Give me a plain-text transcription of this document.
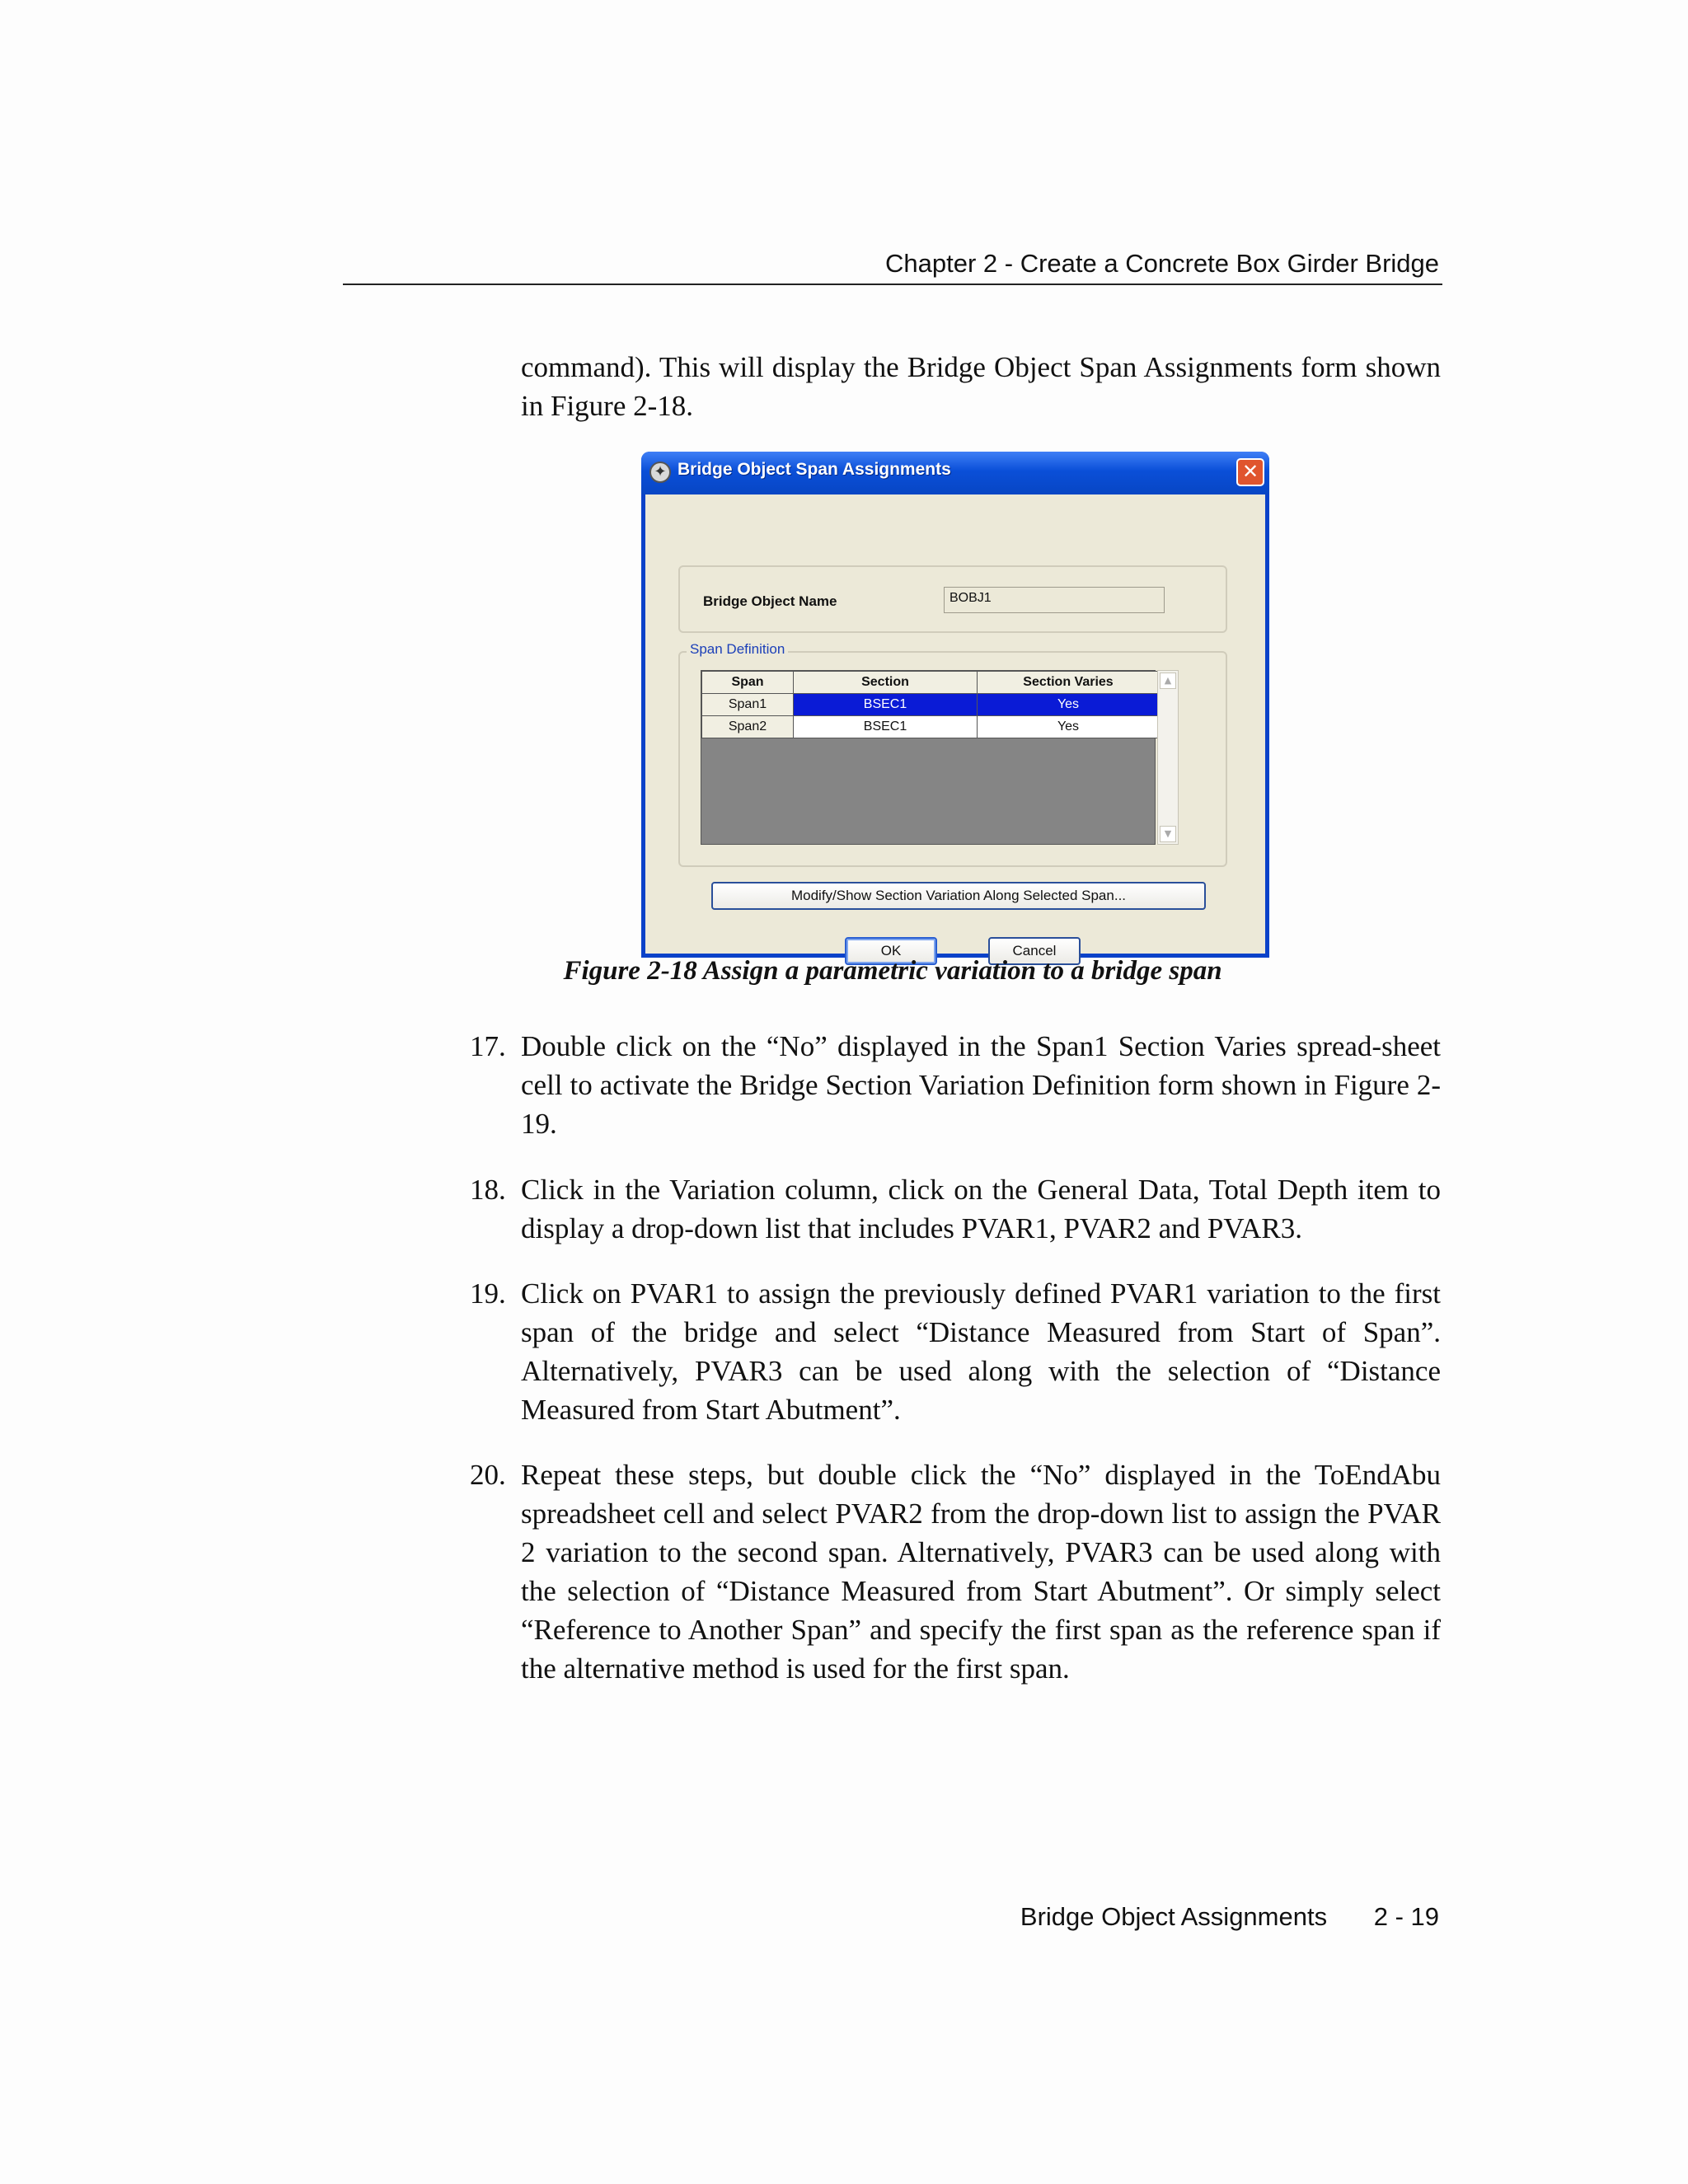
Chapter 2 - Create a Concrete Box Girder Bridge
command). This will display the Bridge Object Span Assignments form shown in Figure 2-18.
✦ Bridge Object Span Assignments	✕
Bridge Object Name	BOBJ1
Span Definition
Span	Section	Section Varies
Span1	BSEC1	Yes
Span2	BSEC1	Yes
▲
▼
Modify/Show Section Variation Along Selected Span...
OK	Cancel
Figure 2-18 Assign a parametric variation to a bridge span
17. Double click on the “No” displayed in the Span1 Section Varies spread-sheet cell to activate the Bridge Section Variation Definition form shown in Figure 2-19.
18. Click in the Variation column, click on the General Data, Total Depth item to display a drop-down list that includes PVAR1, PVAR2 and PVAR3.
19. Click on PVAR1 to assign the previously defined PVAR1 variation to the first span of the bridge and select “Distance Measured from Start of Span”. Alternatively, PVAR3 can be used along with the selection of “Distance Measured from Start Abutment”.
20. Repeat these steps, but double click the “No” displayed in the ToEndAbu spreadsheet cell and select PVAR2 from the drop-down list to assign the PVAR 2 variation to the second span. Alternatively, PVAR3 can be used along with the selection of “Distance Measured from Start Abutment”. Or simply select “Reference to Another Span” and specify the first span as the reference span if the alternative method is used for the first span.
Bridge Object Assignments 2 - 19
